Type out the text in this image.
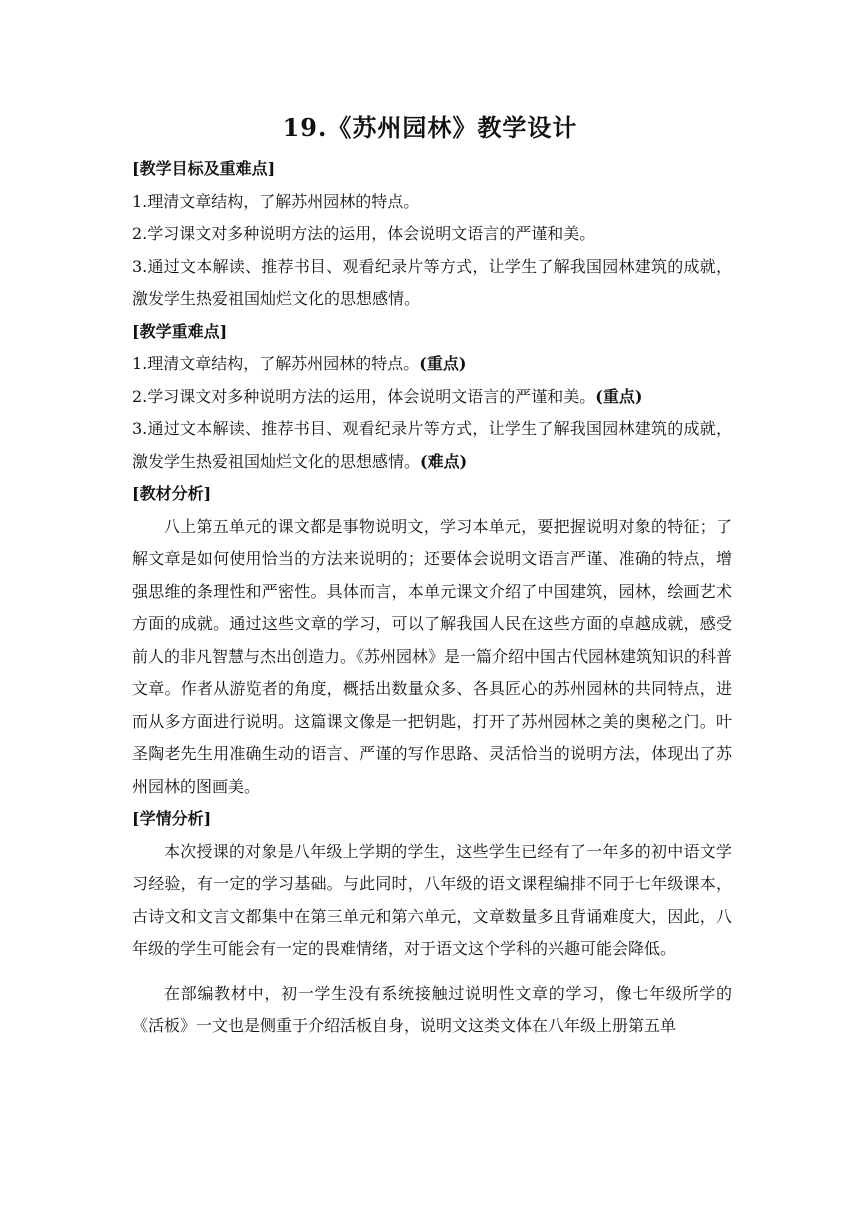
19.《苏州园林》教学设计

[教学目标及重难点]

1.理清文章结构，了解苏州园林的特点。

2.学习课文对多种说明方法的运用，体会说明文语言的严谨和美。

3.通过文本解读、推荐书目、观看纪录片等方式，让学生了解我国园林建筑的成就，激发学生热爱祖国灿烂文化的思想感情。

[教学重难点]

1.理清文章结构，了解苏州园林的特点。(重点)

2.学习课文对多种说明方法的运用，体会说明文语言的严谨和美。(重点)

3.通过文本解读、推荐书目、观看纪录片等方式，让学生了解我国园林建筑的成就，激发学生热爱祖国灿烂文化的思想感情。(难点)

[教材分析]

八上第五单元的课文都是事物说明文，学习本单元，要把握说明对象的特征；了解文章是如何使用恰当的方法来说明的；还要体会说明文语言严谨、准确的特点，增强思维的条理性和严密性。具体而言，本单元课文介绍了中国建筑，园林，绘画艺术方面的成就。通过这些文章的学习，可以了解我国人民在这些方面的卓越成就，感受前人的非凡智慧与杰出创造力。《苏州园林》是一篇介绍中国古代园林建筑知识的科普文章。作者从游览者的角度，概括出数量众多、各具匠心的苏州园林的共同特点，进而从多方面进行说明。这篇课文像是一把钥匙，打开了苏州园林之美的奥秘之门。叶圣陶老先生用准确生动的语言、严谨的写作思路、灵活恰当的说明方法，体现出了苏州园林的图画美。

[学情分析]

本次授课的对象是八年级上学期的学生，这些学生已经有了一年多的初中语文学习经验，有一定的学习基础。与此同时，八年级的语文课程编排不同于七年级课本，古诗文和文言文都集中在第三单元和第六单元，文章数量多且背诵难度大，因此，八年级的学生可能会有一定的畏难情绪，对于语文这个学科的兴趣可能会降低。

在部编教材中，初一学生没有系统接触过说明性文章的学习，像七年级所学的《活板》一文也是侧重于介绍活板自身，说明文这类文体在八年级上册第五单
